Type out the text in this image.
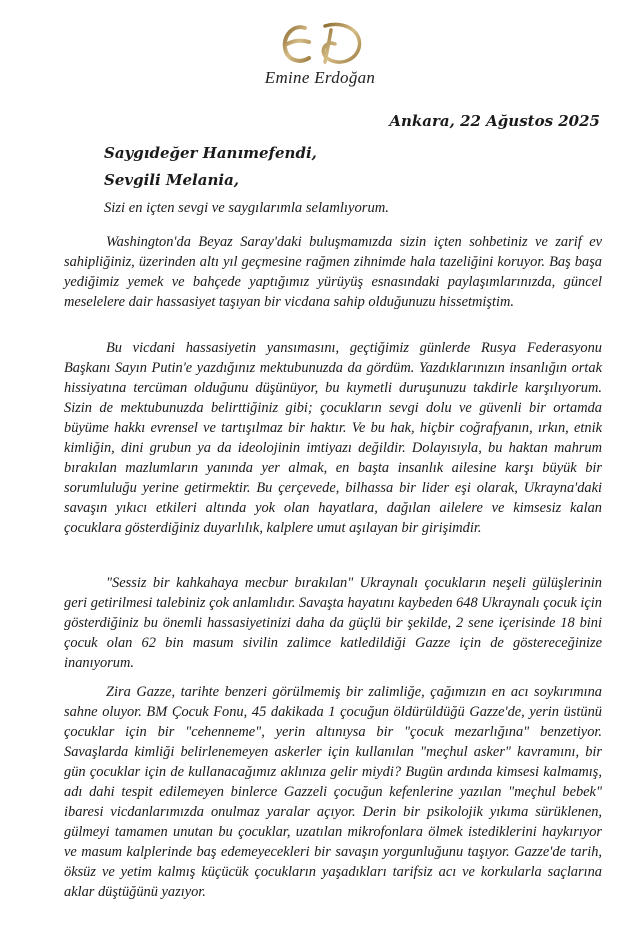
Emine Erdoğan
Ankara, 22 Ağustos 2025
Saygıdeğer Hanımefendi,
Sevgili Melania,
Sizi en içten sevgi ve saygılarımla selamlıyorum.

Washington'da Beyaz Saray'daki buluşmamızda sizin içten sohbetiniz ve zarif ev sahipliğiniz, üzerinden altı yıl geçmesine rağmen zihnimde hala tazeliğini koruyor. Baş başa yediğimiz yemek ve bahçede yaptığımız yürüyüş esnasındaki paylaşımlarınızda, güncel meselelere dair hassasiyet taşıyan bir vicdana sahip olduğunuzu hissetmiştim.

Bu vicdani hassasiyetin yansımasını, geçtiğimiz günlerde Rusya Federasyonu Başkanı Sayın Putin'e yazdığınız mektubunuzda da gördüm. Yazdıklarınızın insanlığın ortak hissiyatına tercüman olduğunu düşünüyor, bu kıymetli duruşunuzu takdirle karşılıyorum. Sizin de mektubunuzda belirttiğiniz gibi; çocukların sevgi dolu ve güvenli bir ortamda büyüme hakkı evrensel ve tartışılmaz bir haktır. Ve bu hak, hiçbir coğrafyanın, ırkın, etnik kimliğin, dini grubun ya da ideolojinin imtiyazı değildir. Dolayısıyla, bu haktan mahrum bırakılan mazlumların yanında yer almak, en başta insanlık ailesine karşı büyük bir sorumluluğu yerine getirmektir. Bu çerçevede, bilhassa bir lider eşi olarak, Ukrayna'daki savaşın yıkıcı etkileri altında yok olan hayatlara, dağılan ailelere ve kimsesiz kalan çocuklara gösterdiğiniz duyarlılık, kalplere umut aşılayan bir girişimdir.

"Sessiz bir kahkahaya mecbur bırakılan" Ukraynalı çocukların neşeli gülüşlerinin geri getirilmesi talebiniz çok anlamlıdır. Savaşta hayatını kaybeden 648 Ukraynalı çocuk için gösterdiğiniz bu önemli hassasiyetinizi daha da güçlü bir şekilde, 2 sene içerisinde 18 bini çocuk olan 62 bin masum sivilin zalimce katledildiği Gazze için de göstereceğinize inanıyorum.

Zira Gazze, tarihte benzeri görülmemiş bir zalimliğe, çağımızın en acı soykırımına sahne oluyor. BM Çocuk Fonu, 45 dakikada 1 çocuğun öldürüldüğü Gazze'de, yerin üstünü çocuklar için bir "cehenneme", yerin altınıysa bir "çocuk mezarlığına" benzetiyor. Savaşlarda kimliği belirlenemeyen askerler için kullanılan "meçhul asker" kavramını, bir gün çocuklar için de kullanacağımız aklınıza gelir miydi? Bugün ardında kimsesi kalmamış, adı dahi tespit edilemeyen binlerce Gazzeli çocuğun kefenlerine yazılan "meçhul bebek" ibaresi vicdanlarımızda onulmaz yaralar açıyor. Derin bir psikolojik yıkıma sürüklenen, gülmeyi tamamen unutan bu çocuklar, uzatılan mikrofonlara ölmek istediklerini haykırıyor ve masum kalplerinde baş edemeyecekleri bir savaşın yorgunluğunu taşıyor. Gazze'de tarih, öksüz ve yetim kalmış küçücük çocukların yaşadıkları tarifsiz acı ve korkularla saçlarına aklar düştüğünü yazıyor.
